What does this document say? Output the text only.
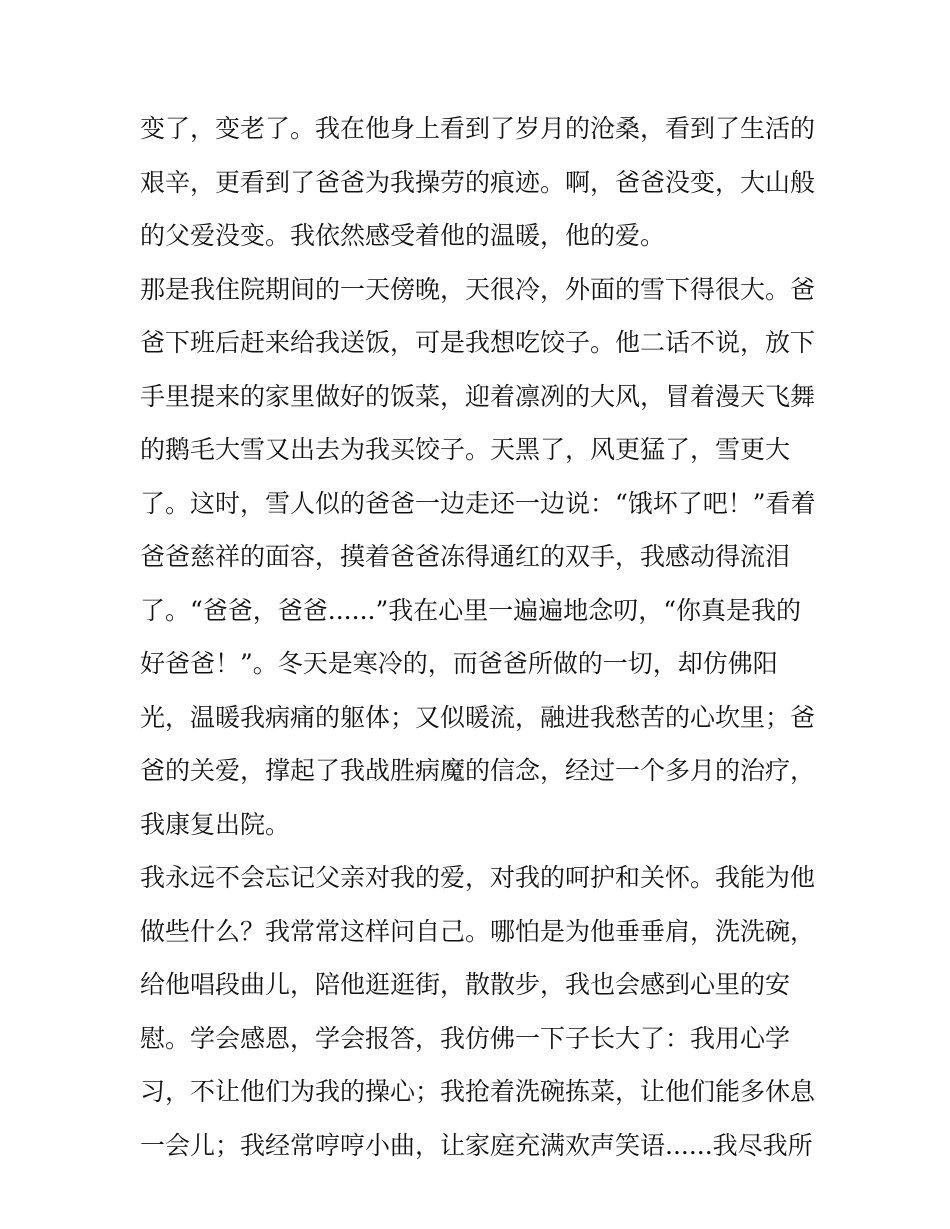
变了，变老了。我在他身上看到了岁月的沧桑，看到了生活的
艰辛，更看到了爸爸为我操劳的痕迹。啊，爸爸没变，大山般
的父爱没变。我依然感受着他的温暖，他的爱。
那是我住院期间的一天傍晚，天很冷，外面的雪下得很大。爸
爸下班后赶来给我送饭，可是我想吃饺子。他二话不说，放下
手里提来的家里做好的饭菜，迎着凛冽的大风，冒着漫天飞舞
的鹅毛大雪又出去为我买饺子。天黑了，风更猛了，雪更大
了。这时，雪人似的爸爸一边走还一边说：“饿坏了吧！”看着
爸爸慈祥的面容，摸着爸爸冻得通红的双手，我感动得流泪
了。“爸爸，爸爸......”我在心里一遍遍地念叨，“你真是我的
好爸爸！”。冬天是寒冷的，而爸爸所做的一切，却仿佛阳
光，温暖我病痛的躯体；又似暖流，融进我愁苦的心坎里；爸
爸的关爱，撑起了我战胜病魔的信念，经过一个多月的治疗，
我康复出院。
我永远不会忘记父亲对我的爱，对我的呵护和关怀。我能为他
做些什么？我常常这样问自己。哪怕是为他垂垂肩，洗洗碗，
给他唱段曲儿，陪他逛逛街，散散步，我也会感到心里的安
慰。学会感恩，学会报答，我仿佛一下子长大了：我用心学
习，不让他们为我的操心；我抢着洗碗拣菜，让他们能多休息
一会儿；我经常哼哼小曲，让家庭充满欢声笑语......我尽我所
